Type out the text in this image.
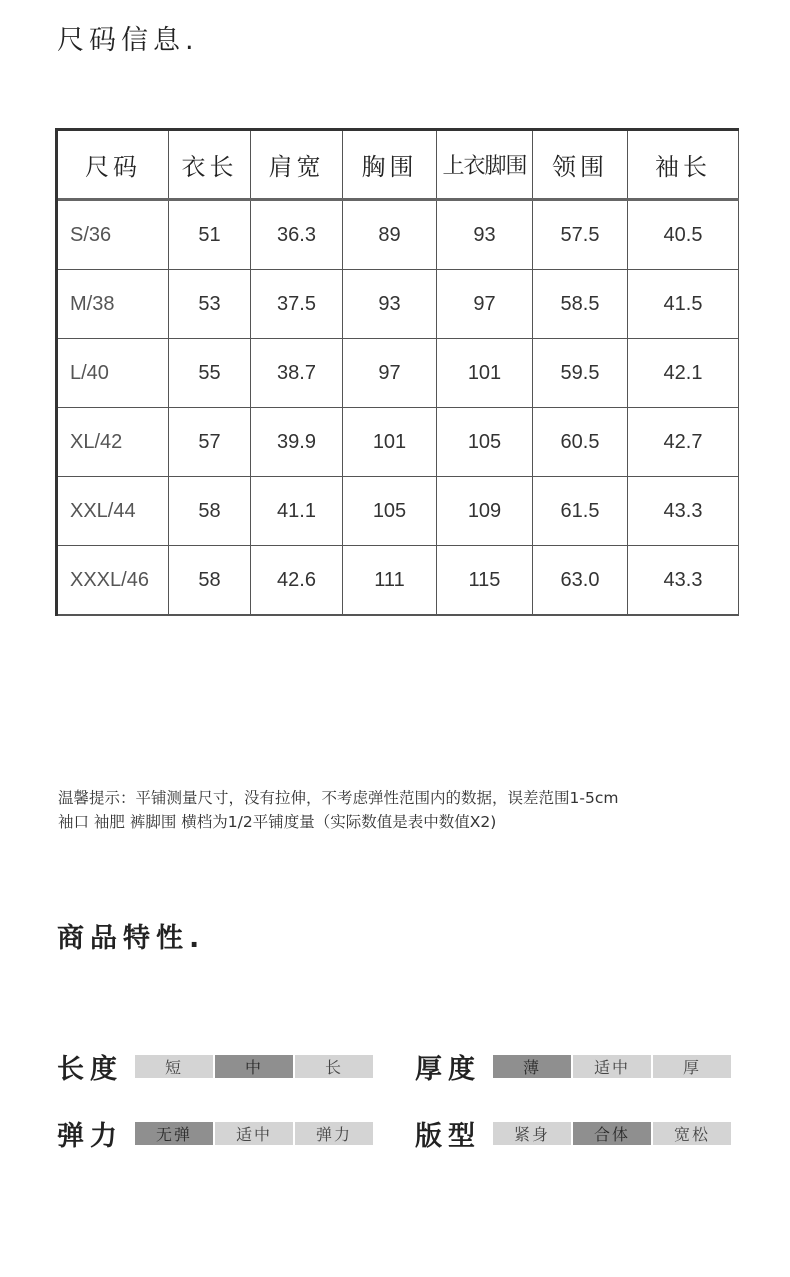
尺码信息.
尺码	衣长	肩宽	胸围	上衣脚围	领围	袖长
S/36	51	36.3	89	93	57.5	40.5
M/38	53	37.5	93	97	58.5	41.5
L/40	55	38.7	97	101	59.5	42.1
XL/42	57	39.9	101	105	60.5	42.7
XXL/44	58	41.1	105	109	61.5	43.3
XXXL/46	58	42.6	111	115	63.0	43.3
温馨提示：平铺测量尺寸，没有拉伸，不考虑弹性范围内的数据，误差范围1-5cm
袖口 袖肥 裤脚围 横档为1/2平铺度量（实际数值是表中数值X2)
商品特性.
长度	短	中	长	厚度	薄	适中	厚
弹力	无弹	适中	弹力	版型	紧身	合体	宽松
